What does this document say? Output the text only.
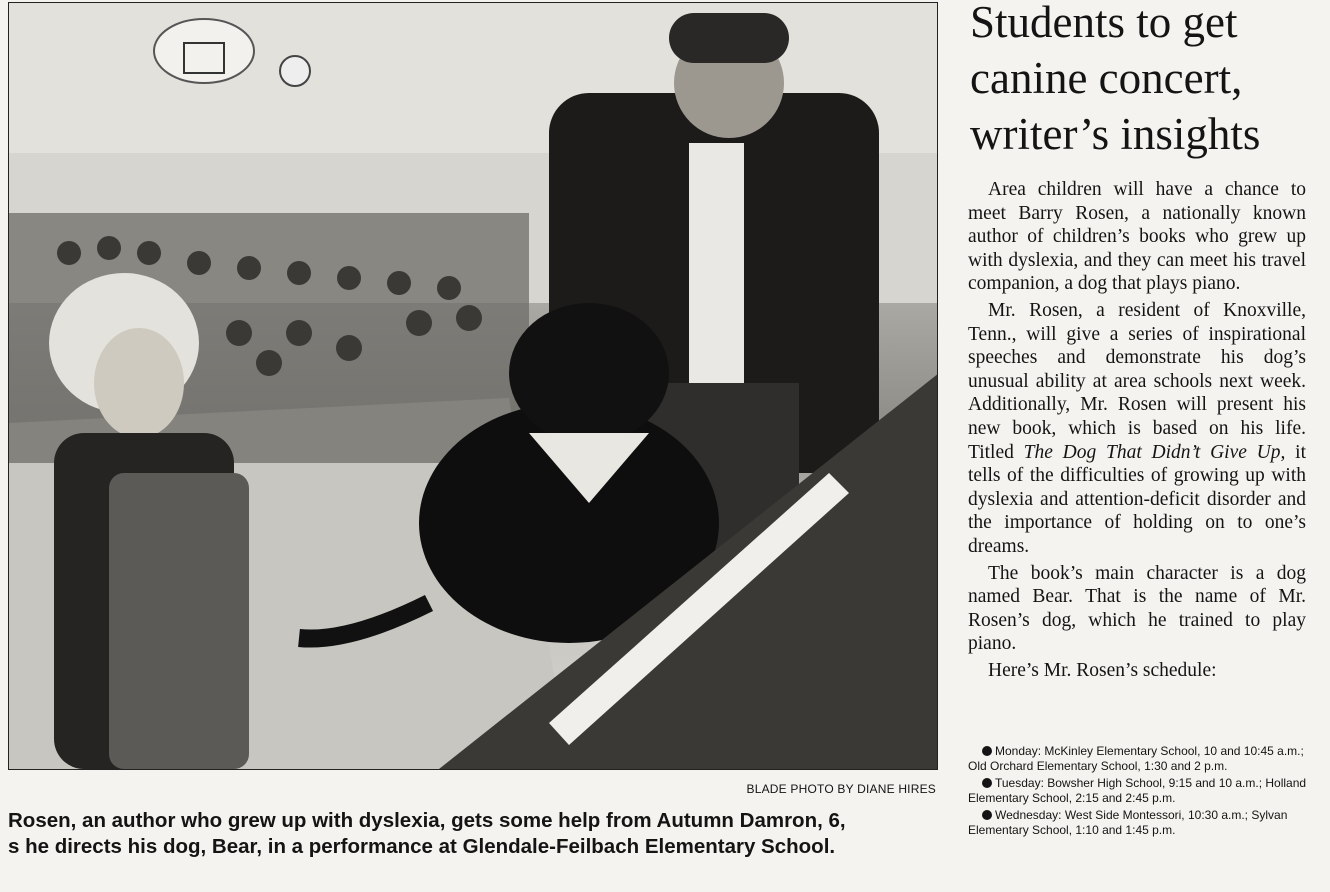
BLADE PHOTO BY DIANE HIRES
Rosen, an author who grew up with dyslexia, gets some help from Autumn Damron, 6,
s he directs his dog, Bear, in a performance at Glendale-Feilbach Elementary School.
Students to get
canine concert,
writer’s insights

Area children will have a chance to meet Barry Rosen, a nationally known author of children’s books who grew up with dyslexia, and they can meet his travel companion, a dog that plays piano.

Mr. Rosen, a resident of Knoxville, Tenn., will give a series of inspirational speeches and demonstrate his dog’s unusual ability at area schools next week. Additionally, Mr. Rosen will present his new book, which is based on his life. Titled The Dog That Didn’t Give Up, it tells of the difficulties of growing up with dyslexia and attention-deficit disorder and the importance of holding on to one’s dreams.

The book’s main character is a dog named Bear. That is the name of Mr. Rosen’s dog, which he trained to play piano.

Here’s Mr. Rosen’s schedule:

Monday: McKinley Elementary School, 10 and 10:45 a.m.; Old Orchard Elementary School, 1:30 and 2 p.m.
Tuesday: Bowsher High School, 9:15 and 10 a.m.; Holland Elementary School, 2:15 and 2:45 p.m.
Wednesday: West Side Montessori, 10:30 a.m.; Sylvan Elementary School, 1:10 and 1:45 p.m.
